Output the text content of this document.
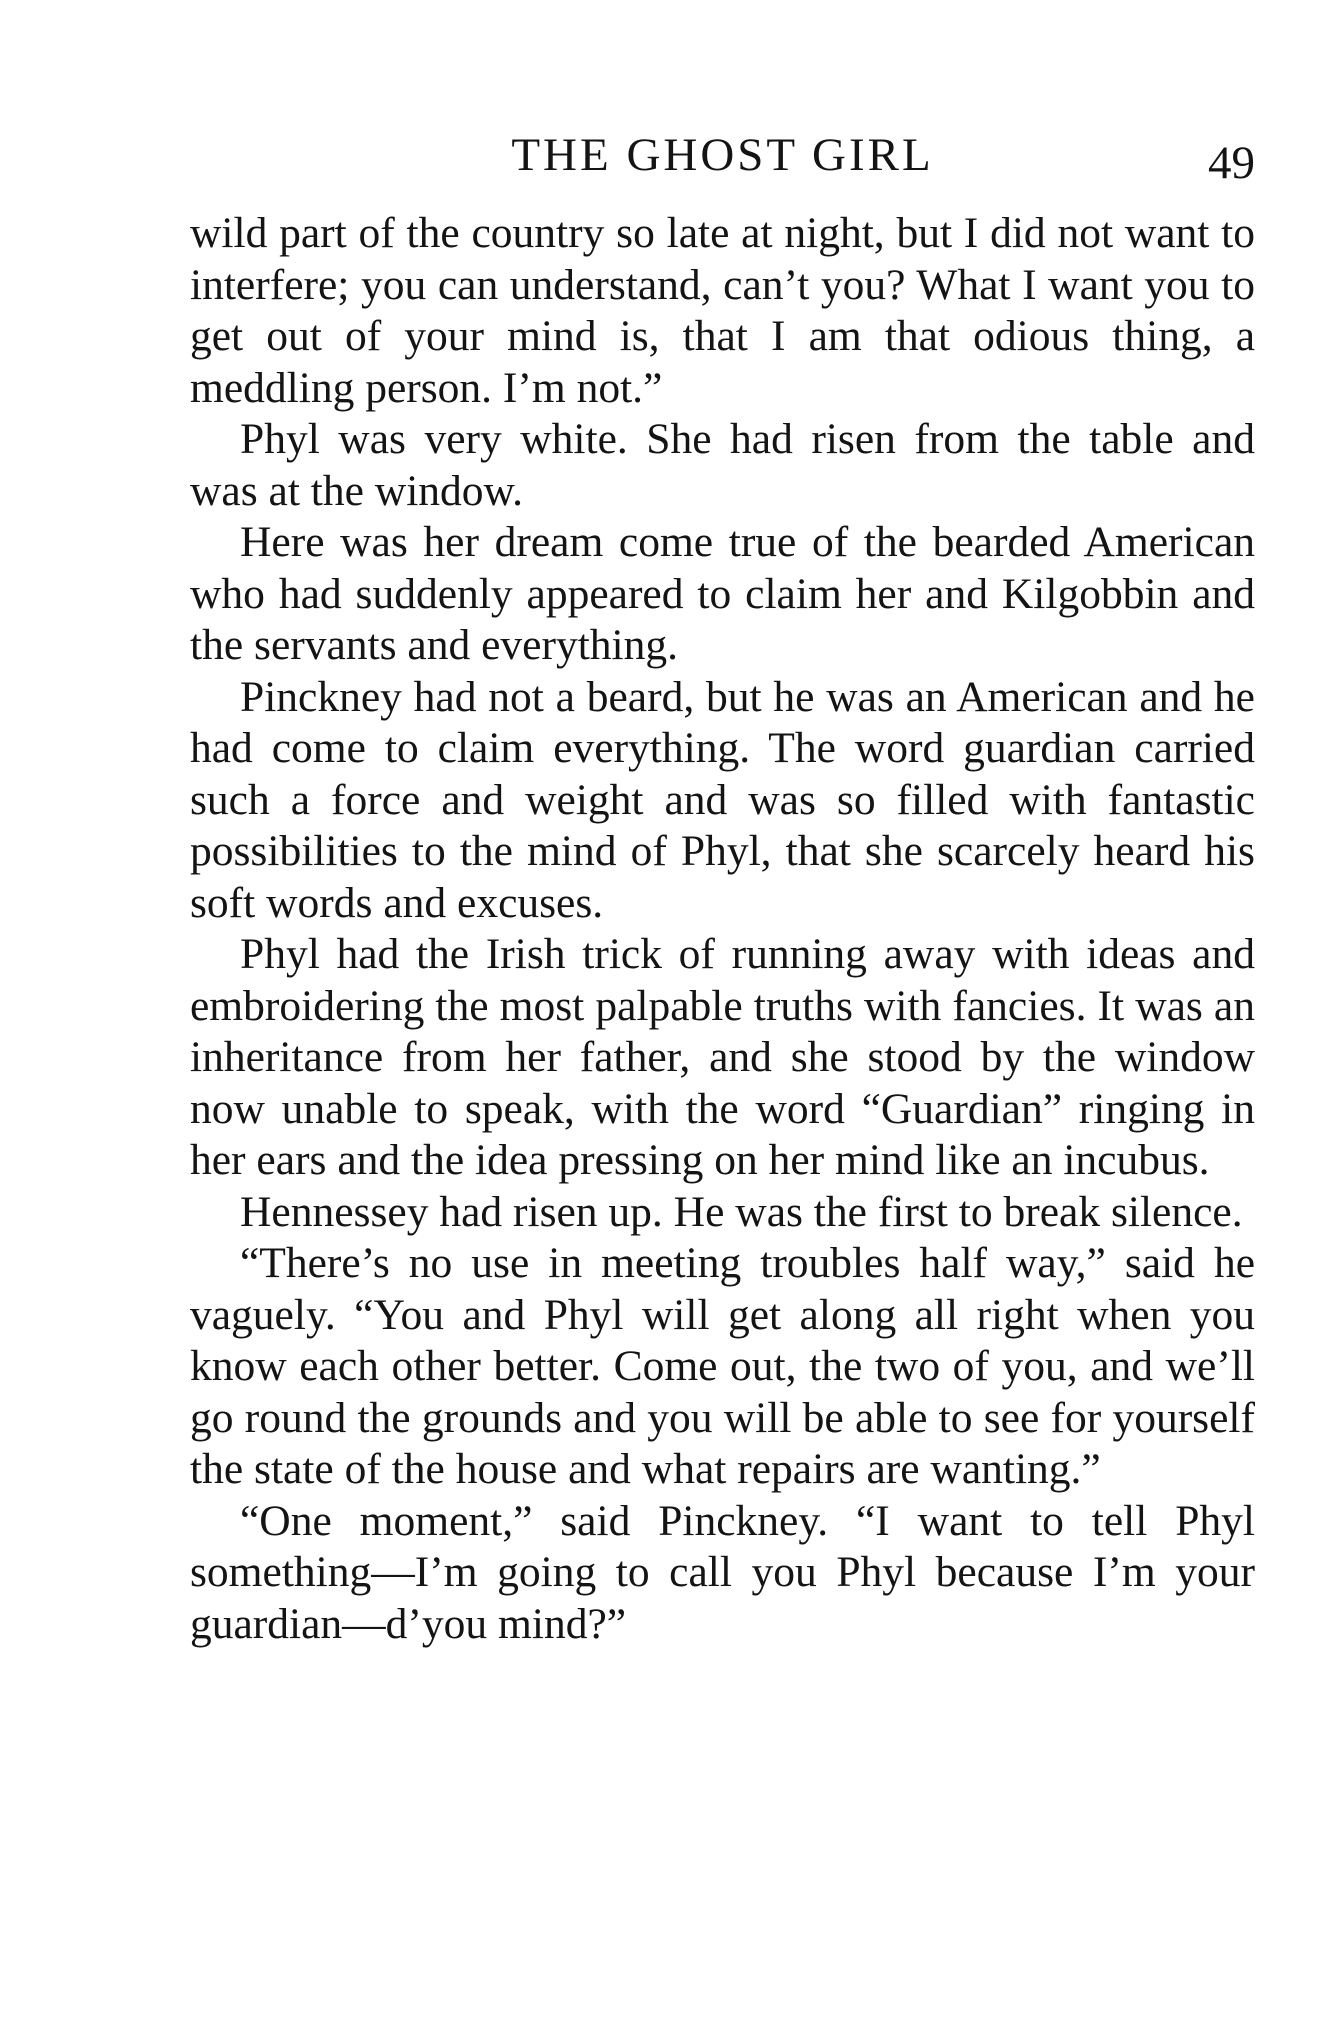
THE GHOST GIRL	49

wild part of the country so late at night, but I did not want to interfere; you can understand, can’t you? What I want you to get out of your mind is, that I am that odious thing, a meddling person. I’m not.”

Phyl was very white. She had risen from the table and was at the window.

Here was her dream come true of the bearded American who had suddenly appeared to claim her and Kilgobbin and the servants and everything.

Pinckney had not a beard, but he was an American and he had come to claim everything. The word guardian carried such a force and weight and was so filled with fantastic possibilities to the mind of Phyl, that she scarcely heard his soft words and excuses.

Phyl had the Irish trick of running away with ideas and embroidering the most palpable truths with fancies. It was an inheritance from her father, and she stood by the window now unable to speak, with the word “Guardian” ringing in her ears and the idea pressing on her mind like an incubus.

Hennessey had risen up. He was the first to break silence.

“There’s no use in meeting troubles half way,” said he vaguely. “You and Phyl will get along all right when you know each other better. Come out, the two of you, and we’ll go round the grounds and you will be able to see for yourself the state of the house and what repairs are wanting.”

“One moment,” said Pinckney. “I want to tell Phyl something—I’m going to call you Phyl because I’m your guardian—d’you mind?”
